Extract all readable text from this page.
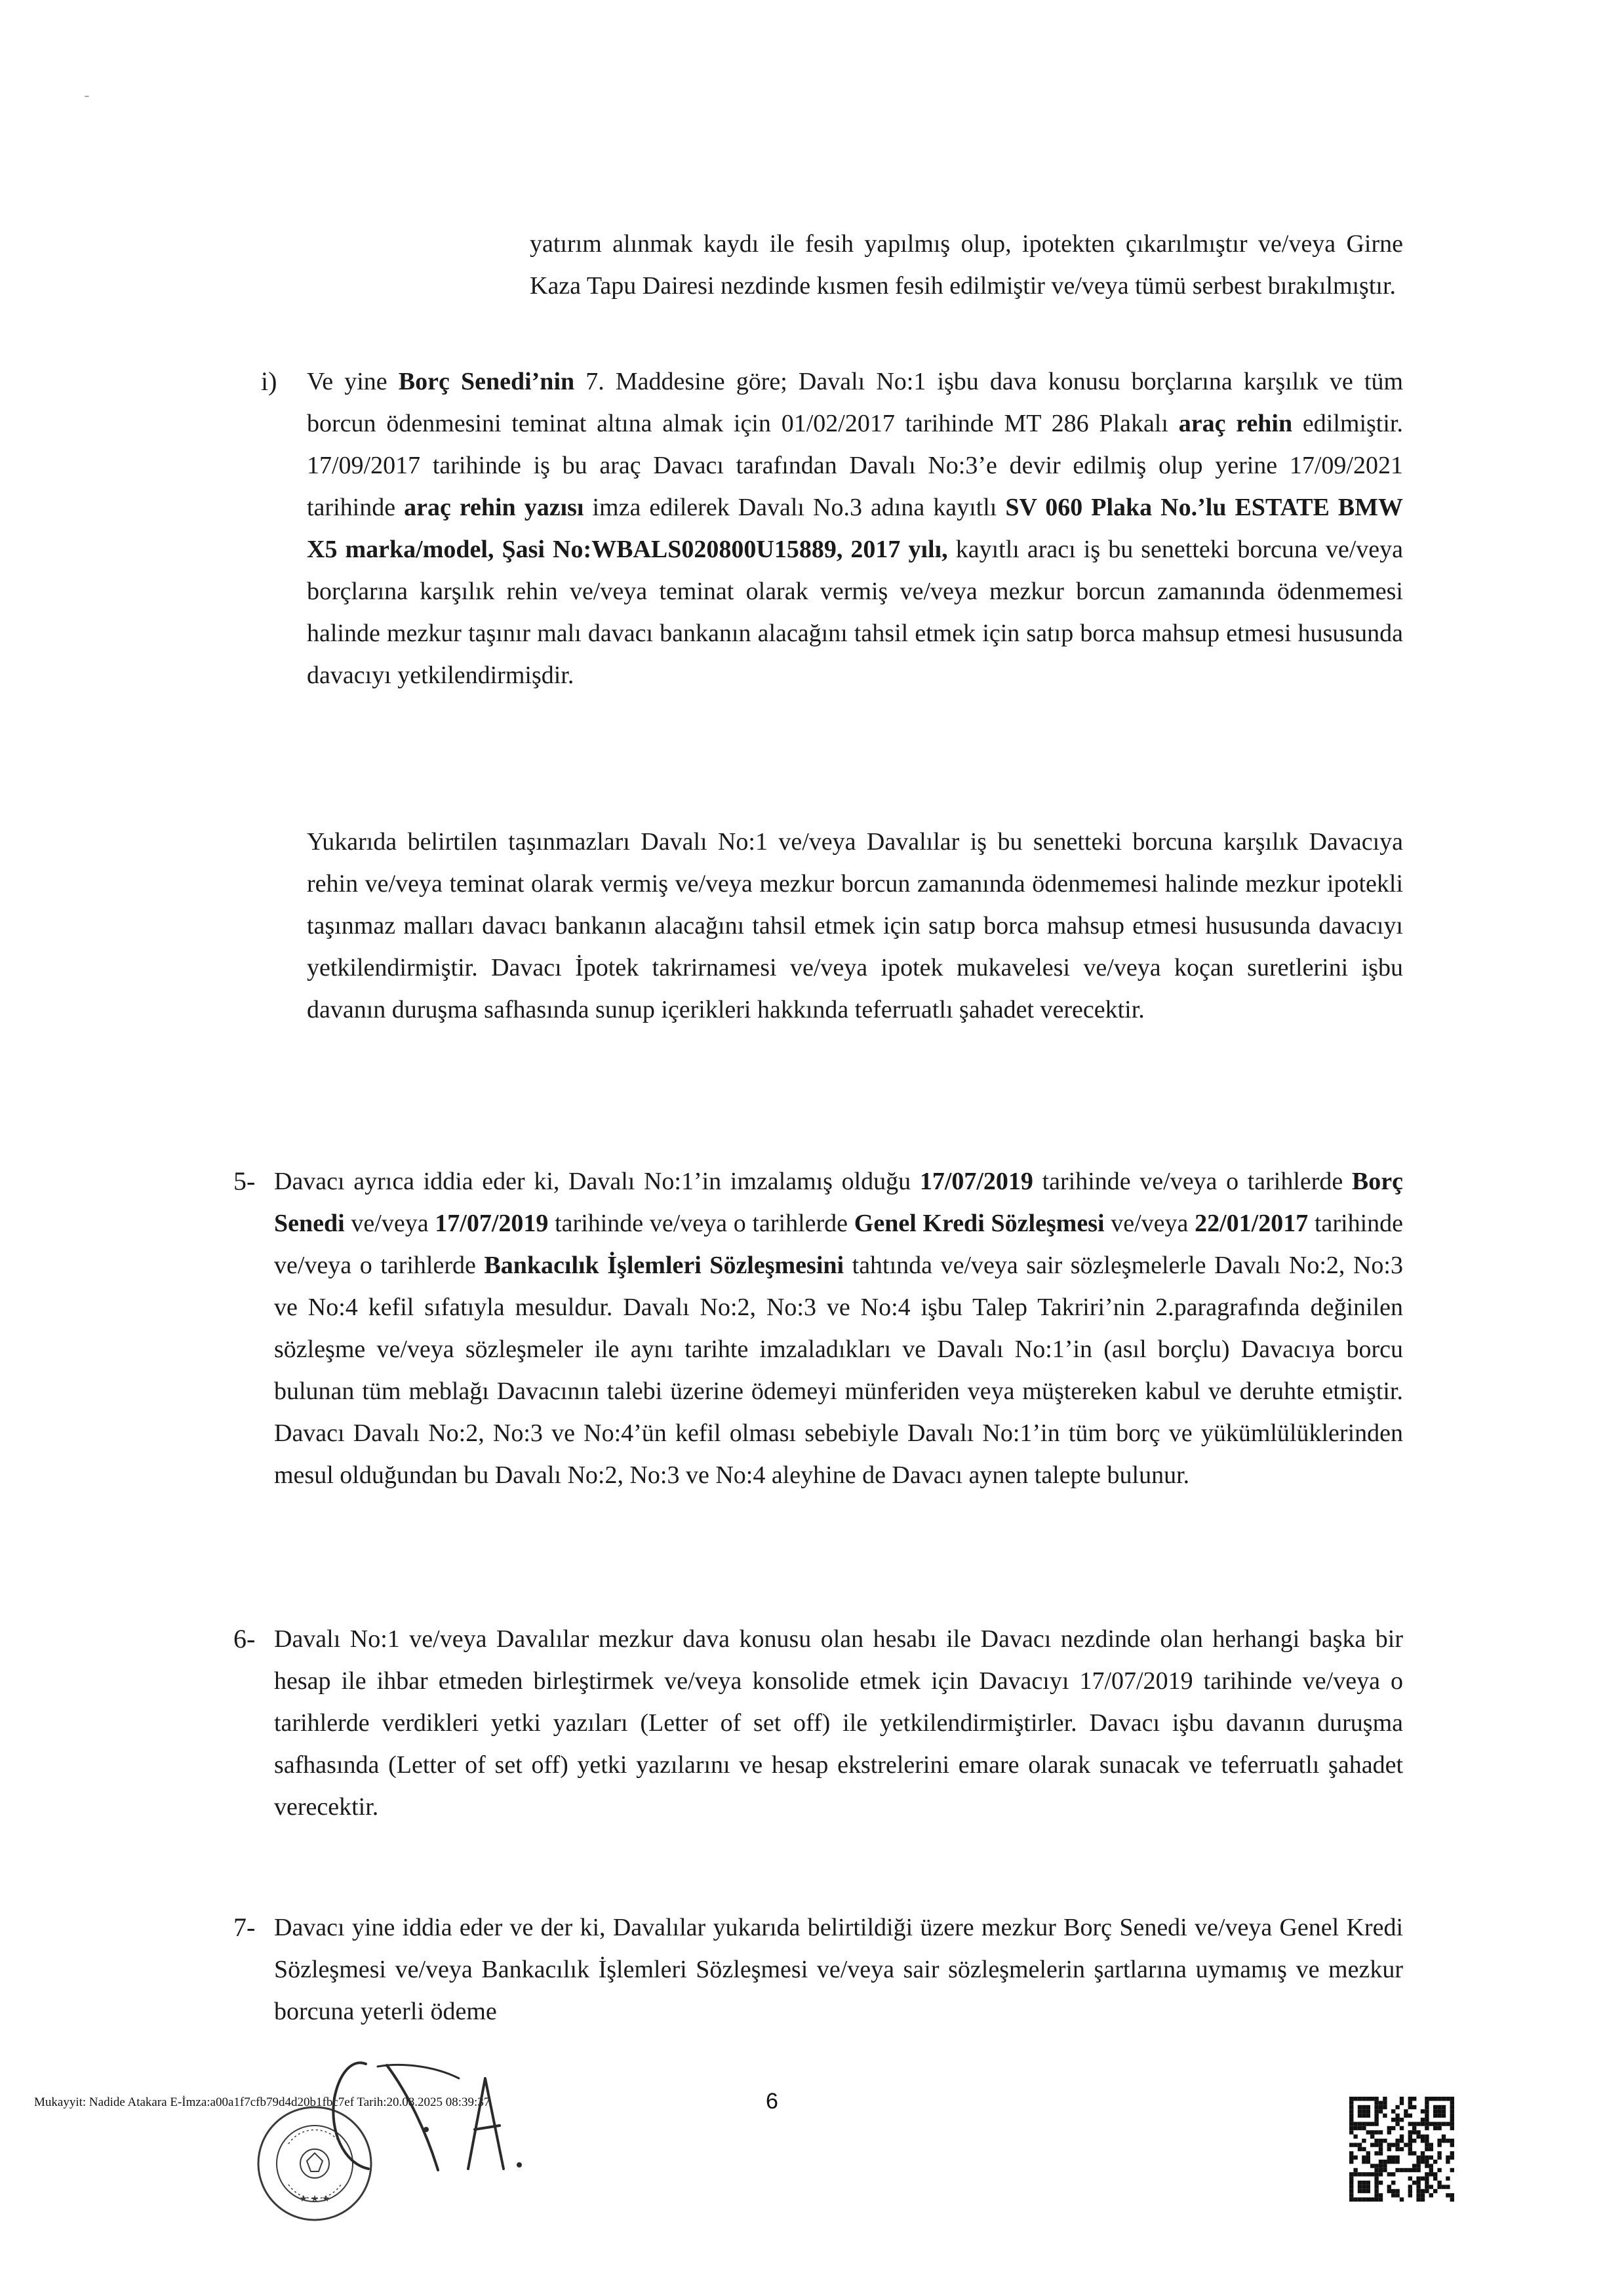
-

yatırım alınmak kaydı ile fesih yapılmış olup, ipotekten çıkarılmıştır ve/veya Girne Kaza Tapu Dairesi nezdinde kısmen fesih edilmiştir ve/veya tümü serbest bırakılmıştır.

i) Ve yine Borç Senedi’nin 7. Maddesine göre; Davalı No:1 işbu dava konusu borçlarına karşılık ve tüm borcun ödenmesini teminat altına almak için 01/02/2017 tarihinde MT 286 Plakalı araç rehin edilmiştir. 17/09/2017 tarihinde iş bu araç Davacı tarafından Davalı No:3’e devir edilmiş olup yerine 17/09/2021 tarihinde araç rehin yazısı imza edilerek Davalı No.3 adına kayıtlı SV 060 Plaka No.’lu ESTATE BMW X5 marka/model, Şasi No:WBALS020800U15889, 2017 yılı, kayıtlı aracı iş bu senetteki borcuna ve/veya borçlarına karşılık rehin ve/veya teminat olarak vermiş ve/veya mezkur borcun zamanında ödenmemesi halinde mezkur taşınır malı davacı bankanın alacağını tahsil etmek için satıp borca mahsup etmesi hususunda davacıyı yetkilendirmişdir.

Yukarıda belirtilen taşınmazları Davalı No:1 ve/veya Davalılar iş bu senetteki borcuna karşılık Davacıya rehin ve/veya teminat olarak vermiş ve/veya mezkur borcun zamanında ödenmemesi halinde mezkur ipotekli taşınmaz malları davacı bankanın alacağını tahsil etmek için satıp borca mahsup etmesi hususunda davacıyı yetkilendirmiştir. Davacı İpotek takrirnamesi ve/veya ipotek mukavelesi ve/veya koçan suretlerini işbu davanın duruşma safhasında sunup içerikleri hakkında teferruatlı şahadet verecektir.

5- Davacı ayrıca iddia eder ki, Davalı No:1’in imzalamış olduğu 17/07/2019 tarihinde ve/veya o tarihlerde Borç Senedi ve/veya 17/07/2019 tarihinde ve/veya o tarihlerde Genel Kredi Sözleşmesi ve/veya 22/01/2017 tarihinde ve/veya o tarihlerde Bankacılık İşlemleri Sözleşmesini tahtında ve/veya sair sözleşmelerle Davalı No:2, No:3 ve No:4 kefil sıfatıyla mesuldur. Davalı No:2, No:3 ve No:4 işbu Talep Takriri’nin 2.paragrafında değinilen sözleşme ve/veya sözleşmeler ile aynı tarihte imzaladıkları ve Davalı No:1’in (asıl borçlu) Davacıya borcu bulunan tüm meblağı Davacının talebi üzerine ödemeyi münferiden veya müştereken kabul ve deruhte etmiştir. Davacı Davalı No:2, No:3 ve No:4’ün kefil olması sebebiyle Davalı No:1’in tüm borç ve yükümlülüklerinden mesul olduğundan bu Davalı No:2, No:3 ve No:4 aleyhine de Davacı aynen talepte bulunur.

6- Davalı No:1 ve/veya Davalılar mezkur dava konusu olan hesabı ile Davacı nezdinde olan herhangi başka bir hesap ile ihbar etmeden birleştirmek ve/veya konsolide etmek için Davacıyı 17/07/2019 tarihinde ve/veya o tarihlerde verdikleri yetki yazıları (Letter of set off) ile yetkilendirmiştirler. Davacı işbu davanın duruşma safhasında (Letter of set off) yetki yazılarını ve hesap ekstrelerini emare olarak sunacak ve teferruatlı şahadet verecektir.

7- Davacı yine iddia eder ve der ki, Davalılar yukarıda belirtildiği üzere mezkur Borç Senedi ve/veya Genel Kredi Sözleşmesi ve/veya Bankacılık İşlemleri Sözleşmesi ve/veya sair sözleşmelerin şartlarına uymamış ve mezkur borcuna yeterli ödeme

Mukayyit: Nadide Atakara E-İmza:a00a1f7cfb79d4d20b1fbc7ef Tarih:20.08.2025 08:39:37	6
★ ★ ★
